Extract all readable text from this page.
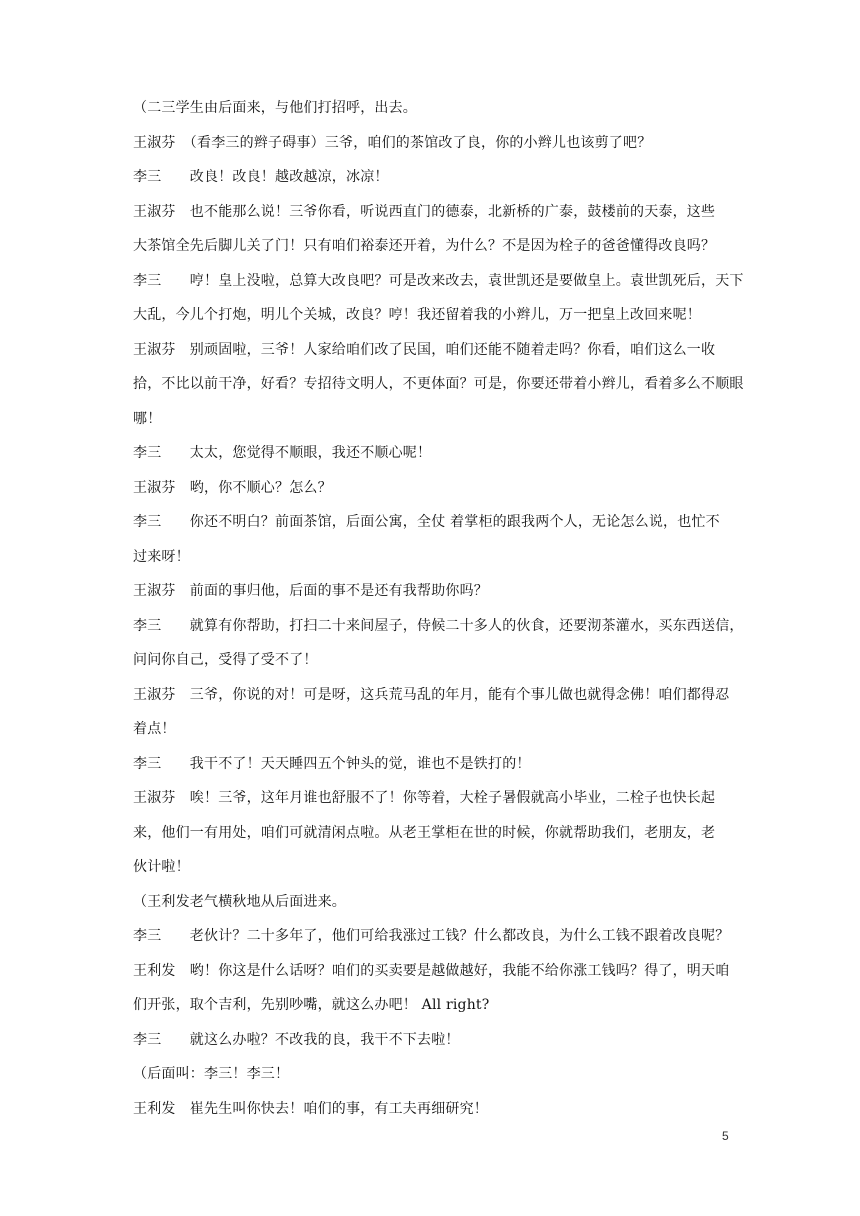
（二三学生由后面来，与他们打招呼，出去。
王淑芬　（看李三的辫子碍事）三爷，咱们的茶馆改了良，你的小辫儿也该剪了吧？
李三　　改良！改良！越改越凉，冰凉！
王淑芬　也不能那么说！三爷你看，听说西直门的德泰，北新桥的广泰，鼓楼前的天泰，这些
大茶馆全先后脚儿关了门！只有咱们裕泰还开着，为什么？不是因为栓子的爸爸懂得改良吗？
李三　　哼！皇上没啦，总算大改良吧？可是改来改去，袁世凯还是要做皇上。袁世凯死后，天下
大乱，今儿个打炮，明儿个关城，改良？哼！我还留着我的小辫儿，万一把皇上改回来呢！
王淑芬　别顽固啦，三爷！人家给咱们改了民国，咱们还能不随着走吗？你看，咱们这么一收
拾，不比以前干净，好看？专招待文明人，不更体面？可是，你要还带着小辫儿，看着多么不顺眼
哪！
李三　　太太，您觉得不顺眼，我还不顺心呢！
王淑芬　哟，你不顺心？怎么？
李三　　你还不明白？前面茶馆，后面公寓，全仗 着掌柜的跟我两个人，无论怎么说，也忙不
过来呀！
王淑芬　前面的事归他，后面的事不是还有我帮助你吗？
李三　　就算有你帮助，打扫二十来间屋子，侍候二十多人的伙食，还要沏茶灌水，买东西送信，
问问你自己，受得了受不了！
王淑芬　三爷，你说的对！可是呀，这兵荒马乱的年月，能有个事儿做也就得念佛！咱们都得忍
着点！
李三　　我干不了！天天睡四五个钟头的觉，谁也不是铁打的！
王淑芬　唉！三爷，这年月谁也舒服不了！你等着，大栓子暑假就高小毕业，二栓子也快长起
来，他们一有用处，咱们可就清闲点啦。从老王掌柜在世的时候，你就帮助我们，老朋友，老
伙计啦！
（王利发老气横秋地从后面进来。
李三　　老伙计？二十多年了，他们可给我涨过工钱？什么都改良，为什么工钱不跟着改良呢？
王利发　哟！你这是什么话呀？咱们的买卖要是越做越好，我能不给你涨工钱吗？得了，明天咱
们开张，取个吉利，先别吵嘴，就这么办吧！ All right?
李三　　就这么办啦？不改我的良，我干不下去啦！
（后面叫：李三！李三！
王利发　崔先生叫你快去！咱们的事，有工夫再细研究！
5
